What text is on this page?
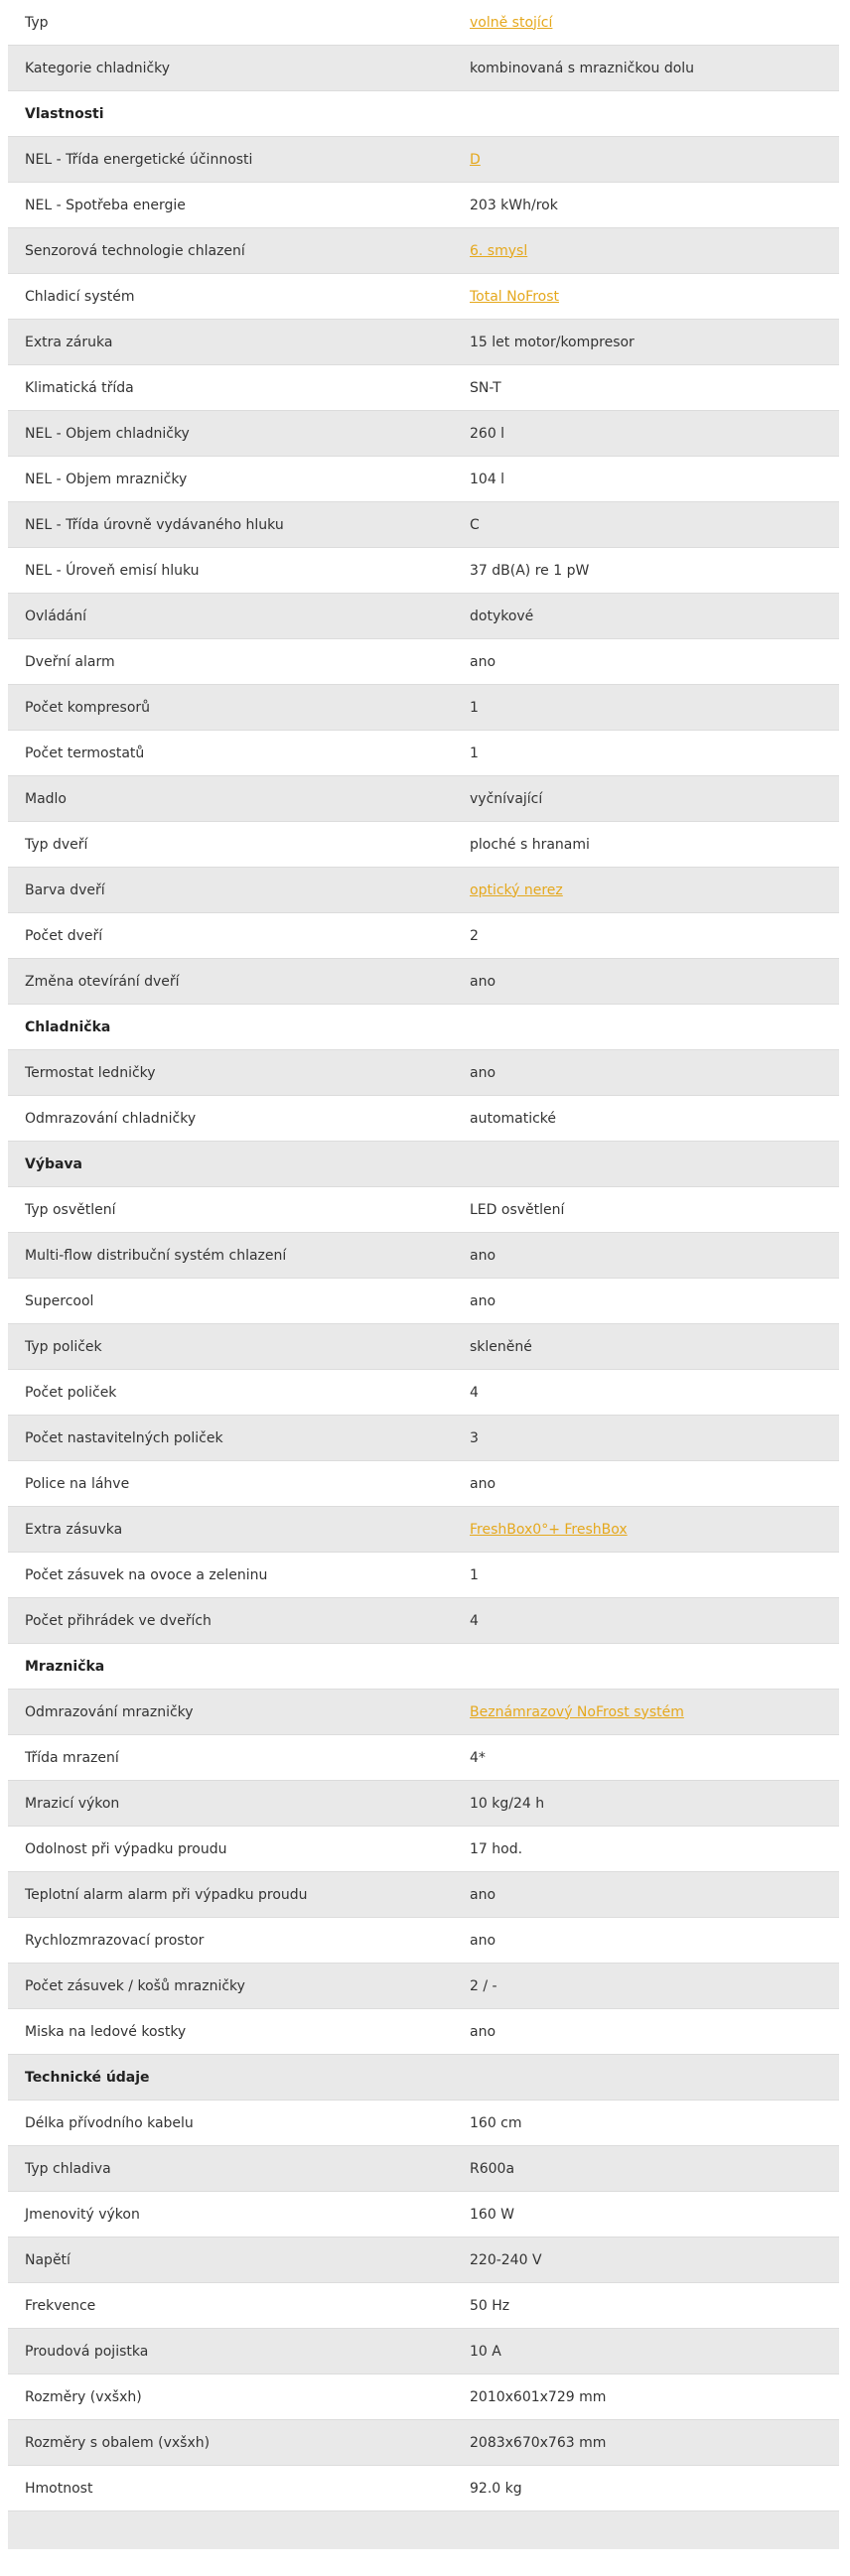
Typ	volně stojící
Kategorie chladničky	kombinovaná s mrazničkou dolu
Vlastnosti
NEL - Třída energetické účinnosti	D
NEL - Spotřeba energie	203 kWh/rok
Senzorová technologie chlazení	6. smysl
Chladicí systém	Total NoFrost
Extra záruka	15 let motor/kompresor
Klimatická třída	SN-T
NEL - Objem chladničky	260 l
NEL - Objem mrazničky	104 l
NEL - Třída úrovně vydávaného hluku	C
NEL - Úroveň emisí hluku	37 dB(A) re 1 pW
Ovládání	dotykové
Dveřní alarm	ano
Počet kompresorů	1
Počet termostatů	1
Madlo	vyčnívající
Typ dveří	ploché s hranami
Barva dveří	optický nerez
Počet dveří	2
Změna otevírání dveří	ano
Chladnička
Termostat ledničky	ano
Odmrazování chladničky	automatické
Výbava
Typ osvětlení	LED osvětlení
Multi-flow distribuční systém chlazení	ano
Supercool	ano
Typ poliček	skleněné
Počet poliček	4
Počet nastavitelných poliček	3
Police na láhve	ano
Extra zásuvka	FreshBox0°+ FreshBox
Počet zásuvek na ovoce a zeleninu	1
Počet přihrádek ve dveřích	4
Mraznička
Odmrazování mrazničky	Beznámrazový NoFrost systém
Třída mrazení	4*
Mrazicí výkon	10 kg/24 h
Odolnost při výpadku proudu	17 hod.
Teplotní alarm alarm při výpadku proudu	ano
Rychlozmrazovací prostor	ano
Počet zásuvek / košů mrazničky	2 / -
Miska na ledové kostky	ano
Technické údaje
Délka přívodního kabelu	160 cm
Typ chladiva	R600a
Jmenovitý výkon	160 W
Napětí	220-240 V
Frekvence	50 Hz
Proudová pojistka	10 A
Rozměry (vxšxh)	2010x601x729 mm
Rozměry s obalem (vxšxh)	2083x670x763 mm
Hmotnost	92.0 kg
